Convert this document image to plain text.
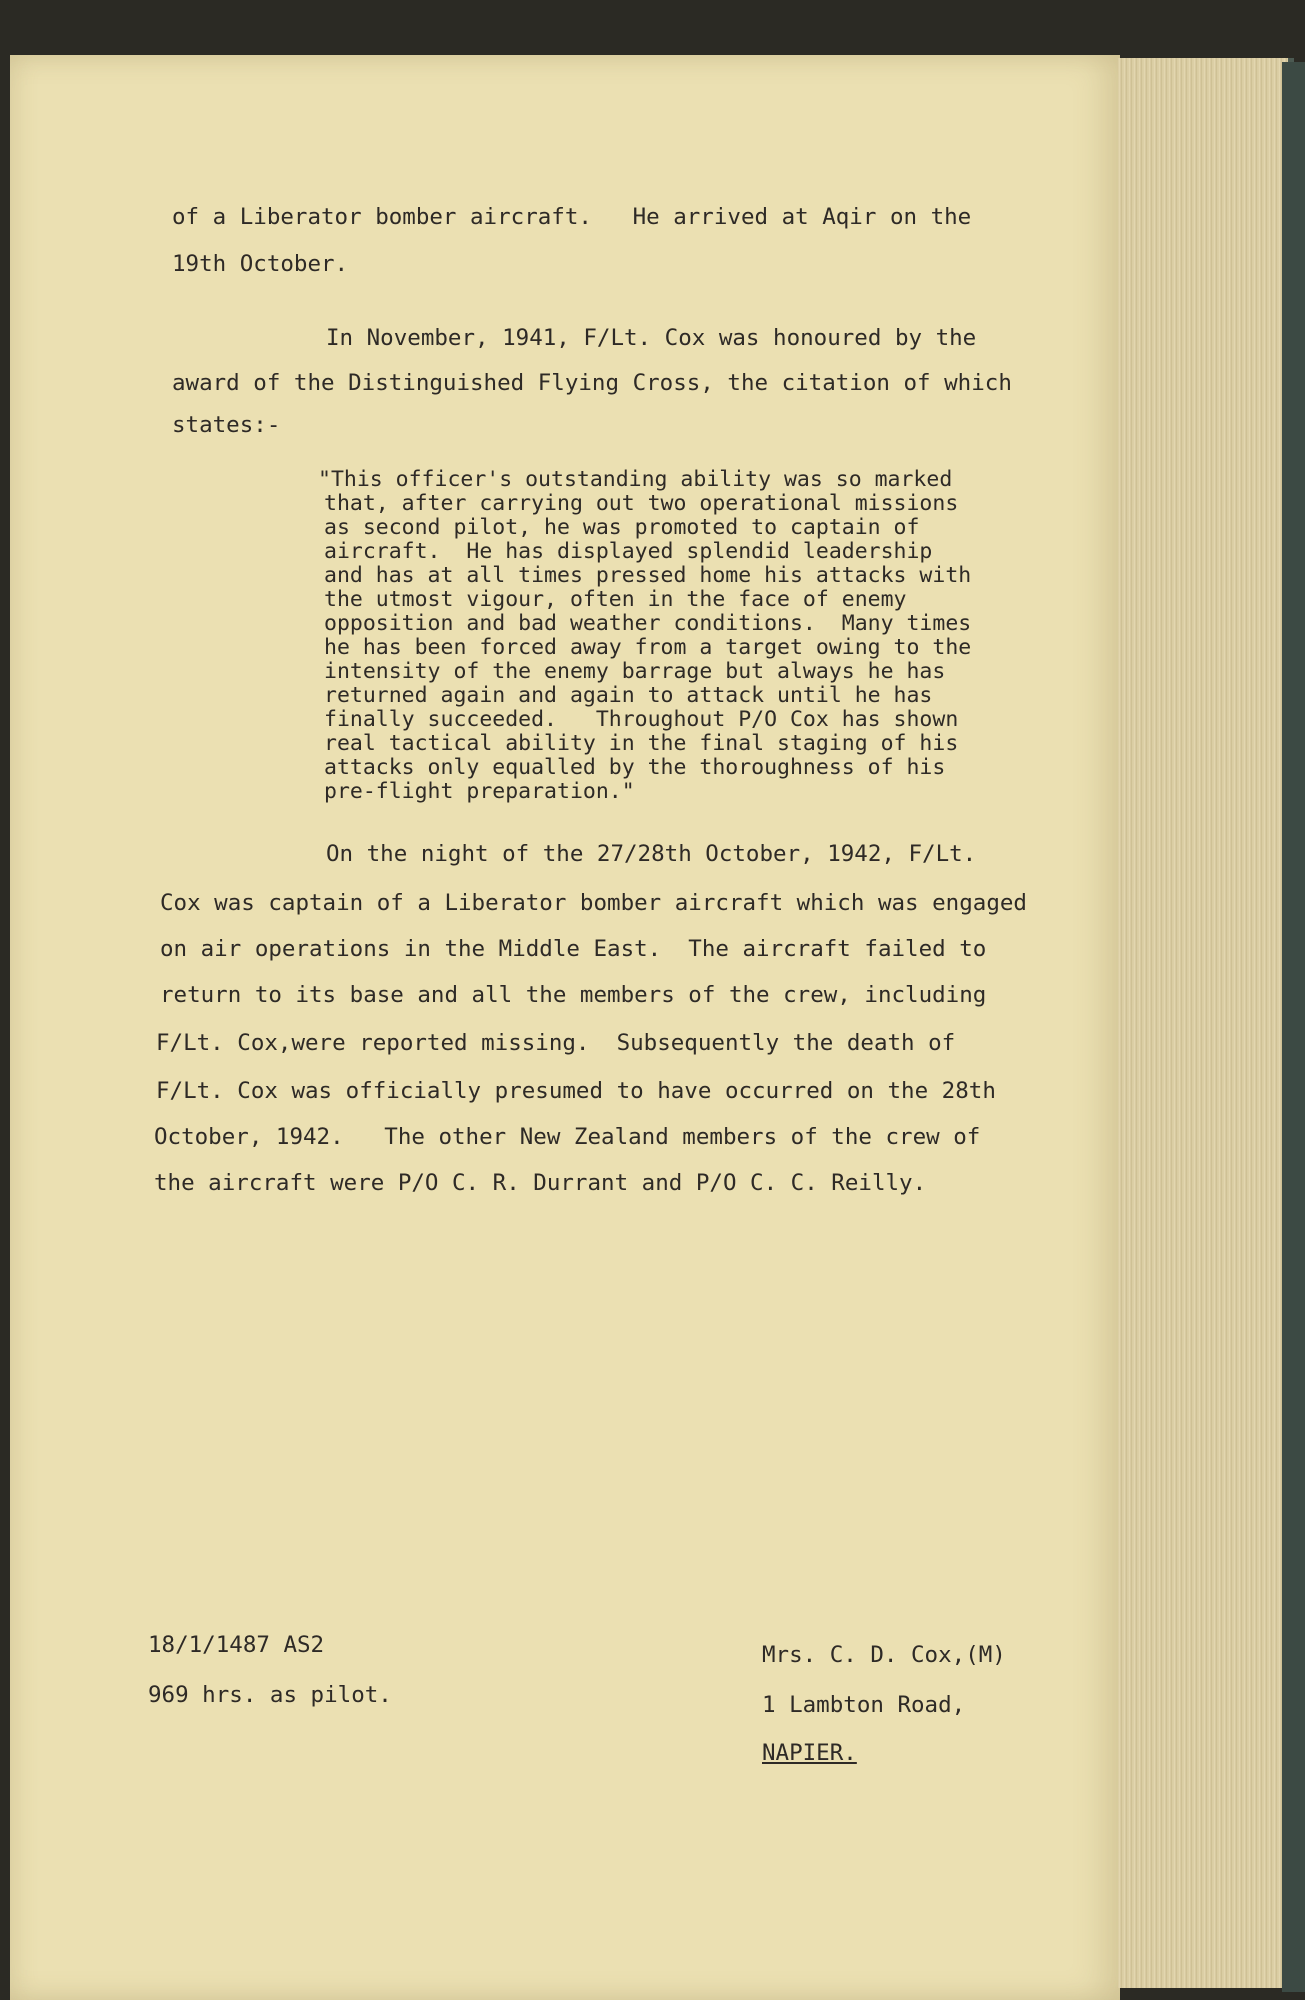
of a Liberator bomber aircraft.   He arrived at Aqir on the

19th October.

In November, 1941, F/Lt. Cox was honoured by the

award of the Distinguished Flying Cross, the citation of which

states:-

"This officer's outstanding ability was so marked

that, after carrying out two operational missions

as second pilot, he was promoted to captain of

aircraft.  He has displayed splendid leadership

and has at all times pressed home his attacks with

the utmost vigour, often in the face of enemy

opposition and bad weather conditions.  Many times

he has been forced away from a target owing to the

intensity of the enemy barrage but always he has

returned again and again to attack until he has

finally succeeded.   Throughout P/O Cox has shown

real tactical ability in the final staging of his

attacks only equalled by the thoroughness of his

pre-flight preparation."

On the night of the 27/28th October, 1942, F/Lt.

Cox was captain of a Liberator bomber aircraft which was engaged

on air operations in the Middle East.  The aircraft failed to

return to its base and all the members of the crew, including

F/Lt. Cox,were reported missing.  Subsequently the death of

F/Lt. Cox was officially presumed to have occurred on the 28th

October, 1942.   The other New Zealand members of the crew of

the aircraft were P/O C. R. Durrant and P/O C. C. Reilly.

18/1/1487 AS2

969 hrs. as pilot.

Mrs. C. D. Cox,(M)

1 Lambton Road,

NAPIER.
